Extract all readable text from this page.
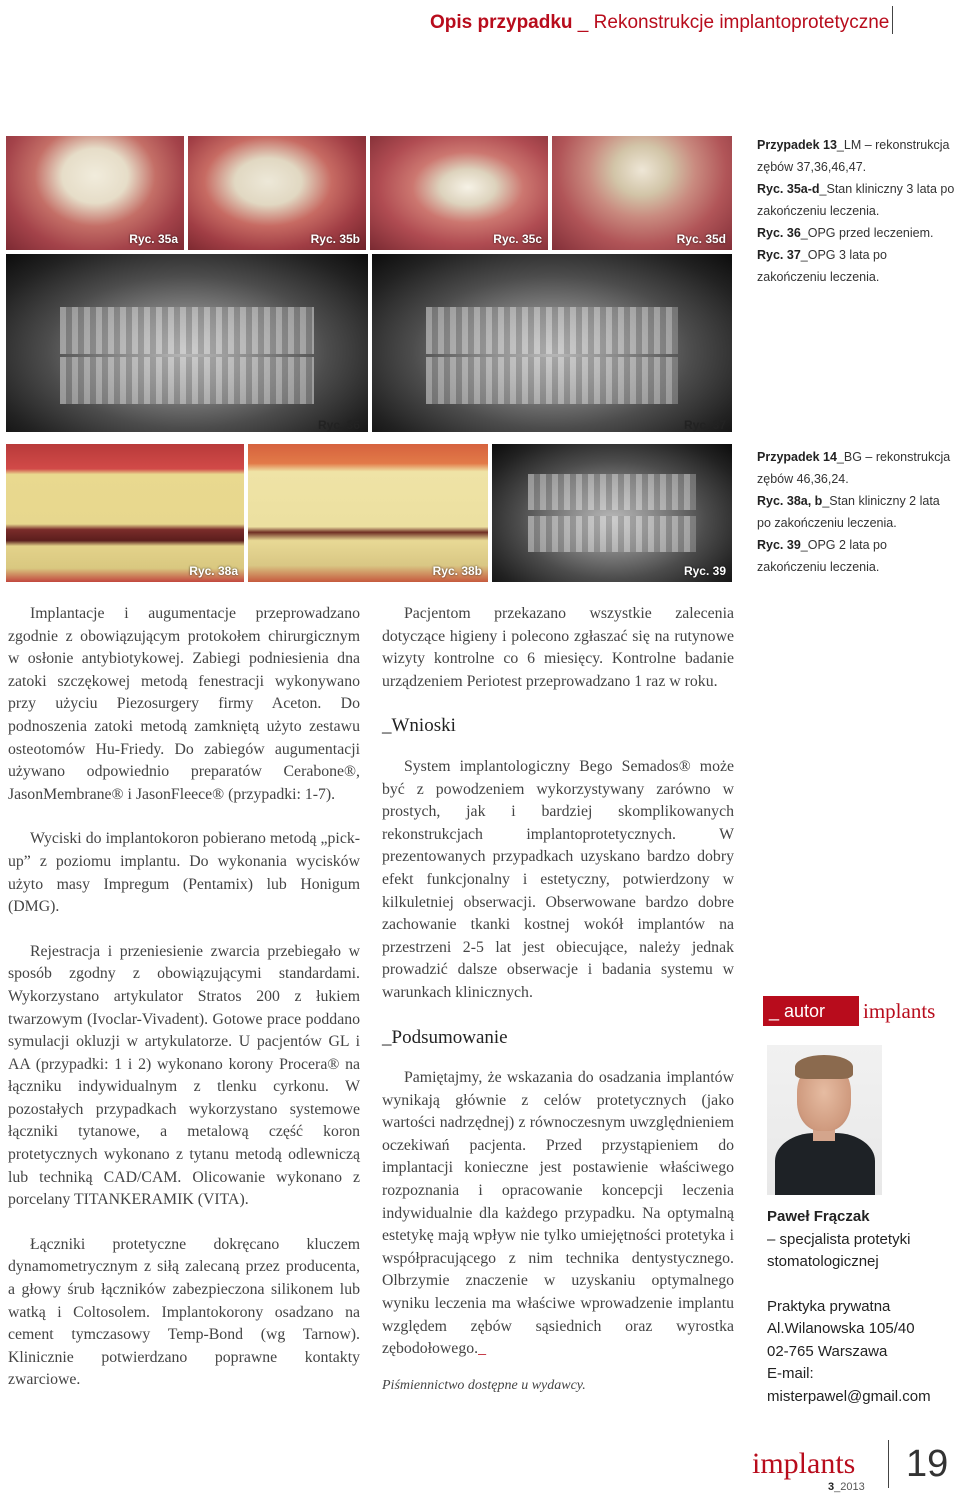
Opis przypadku _ Rekonstrukcje implantoprotetyczne
Ryc. 35a	Ryc. 35b	Ryc. 35c	Ryc. 35d
Ryc. 36	Ryc. 37
Ryc. 38a	Ryc. 38b	Ryc. 39
Przypadek 13_LM – rekonstrukcja zębów 37,36,46,47.
Ryc. 35a-d_Stan kliniczny 3 lata po zakończeniu leczenia.
Ryc. 36_OPG przed leczeniem.
Ryc. 37_OPG 3 lata po zakończeniu leczenia.
Przypadek 14_BG – rekonstrukcja zębów 46,36,24.
Ryc. 38a, b_Stan kliniczny 2 lata po zakończeniu leczenia.
Ryc. 39_OPG 2 lata po zakończeniu leczenia.

Implantacje i augumentacje przeprowadzano zgodnie z obowiązującym protokołem chirurgicznym w osłonie antybiotykowej. Zabiegi podniesienia dna zatoki szczękowej metodą fenestracji wykonywano przy użyciu Piezosurgery firmy Aceton. Do podnoszenia zatoki metodą zamkniętą użyto zestawu osteotomów Hu-Friedy. Do zabiegów augumentacji używano odpowiednio preparatów Cerabone®, JasonMembrane® i JasonFleece® (przypadki: 1-7).

Wyciski do implantokoron pobierano metodą „pick-up” z poziomu implantu. Do wykonania wycisków użyto masy Impregum (Pentamix) lub Honigum (DMG).

Rejestracja i przeniesienie zwarcia przebiegało w sposób zgodny z obowiązującymi standardami. Wykorzystano artykulator Stratos 200 z łukiem twarzowym (Ivoclar-Vivadent). Gotowe prace poddano symulacji okluzji w artykulatorze. U pacjentów GL i AA (przypadki: 1 i 2) wykonano korony Procera® na łączniku indywidualnym z tlenku cyrkonu. W pozostałych przypadkach wykorzystano systemowe łączniki tytanowe, a metalową część koron protetycznych wykonano z tytanu metodą odlewniczą lub techniką CAD/CAM. Olicowanie wykonano z porcelany TITANKERAMIK (VITA).

Łączniki protetyczne dokręcano kluczem dynamometrycznym z siłą zalecaną przez producenta, a głowy śrub łączników zabezpieczona silikonem lub watką i Coltosolem. Implantokorony osadzano na cement tymczasowy Temp-Bond (wg Tarnow). Klinicznie potwierdzano poprawne kontakty zwarciowe.

Pacjentom przekazano wszystkie zalecenia dotyczące higieny i polecono zgłaszać się na rutynowe wizyty kontrolne co 6 miesięcy. Kontrolne badanie urządzeniem Periotest przeprowadzano 1 raz w roku.

_Wnioski

System implantologiczny Bego Semados® może być z powodzeniem wykorzystywany zarówno w prostych, jak i bardziej skomplikowanych rekonstrukcjach implantoprotetycznych. W prezentowanych przypadkach uzyskano bardzo dobry efekt funkcjonalny i estetyczny, potwierdzony w kilkuletniej obserwacji. Obserwowane bardzo dobre zachowanie tkanki kostnej wokół implantów na przestrzeni 2-5 lat jest obiecujące, należy jednak prowadzić dalsze obserwacje i badania systemu w warunkach klinicznych.

_Podsumowanie

Pamiętajmy, że wskazania do osadzania implantów wynikają głównie z celów protetycznych (jako wartości nadrzędnej) z równoczesnym uwzględnieniem oczekiwań pacjenta. Przed przystąpieniem do implantacji konieczne jest postawienie właściwego rozpoznania i opracowanie koncepcji leczenia indywidualnie dla każdego przypadku. Na optymalną estetykę mają wpływ nie tylko umiejętności protetyka i współpracującego z nim technika dentystycznego. Olbrzymie znaczenie w uzyskaniu optymalnego wyniku leczenia ma właściwe wprowadzenie implantu względem zębów sąsiednich oraz wyrostka zębodołowego._

Piśmiennictwo dostępne u wydawcy.

_ autor	implants
Paweł Frączak
– specjalista protetyki stomatologicznej
Praktyka prywatna
Al.Wilanowska 105/40
02-765 Warszawa
E-mail:
misterpawel@gmail.com
implants
3_2013
19
